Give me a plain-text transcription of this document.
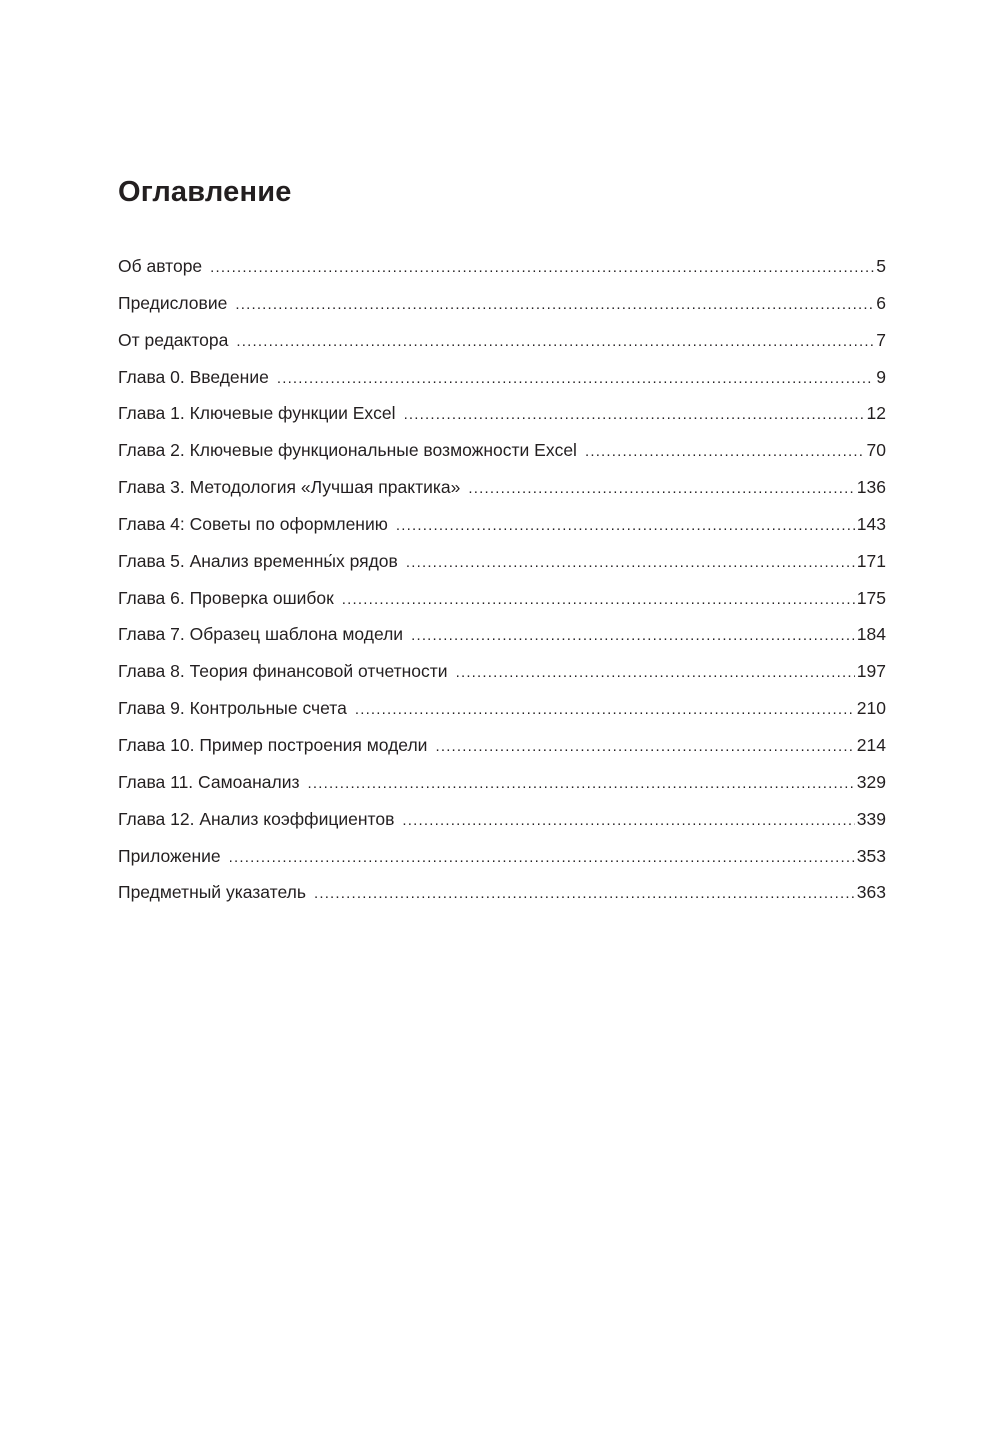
Оглавление
Об авторе .....	5
Предисловие .....	6
От редактора .....	7
Глава 0. Введение .....	9
Глава 1. Ключевые функции Excel .....	12
Глава 2. Ключевые функциональные возможности Excel .....	70
Глава 3. Методология «Лучшая практика» .....	136
Глава 4: Советы по оформлению .....	143
Глава 5. Анализ временны́х рядов .....	171
Глава 6. Проверка ошибок .....	175
Глава 7. Образец шаблона модели .....	184
Глава 8. Теория финансовой отчетности .....	197
Глава 9. Контрольные счета .....	210
Глава 10. Пример построения модели .....	214
Глава 11. Самоанализ .....	329
Глава 12. Анализ коэффициентов .....	339
Приложение .....	353
Предметный указатель .....	363
